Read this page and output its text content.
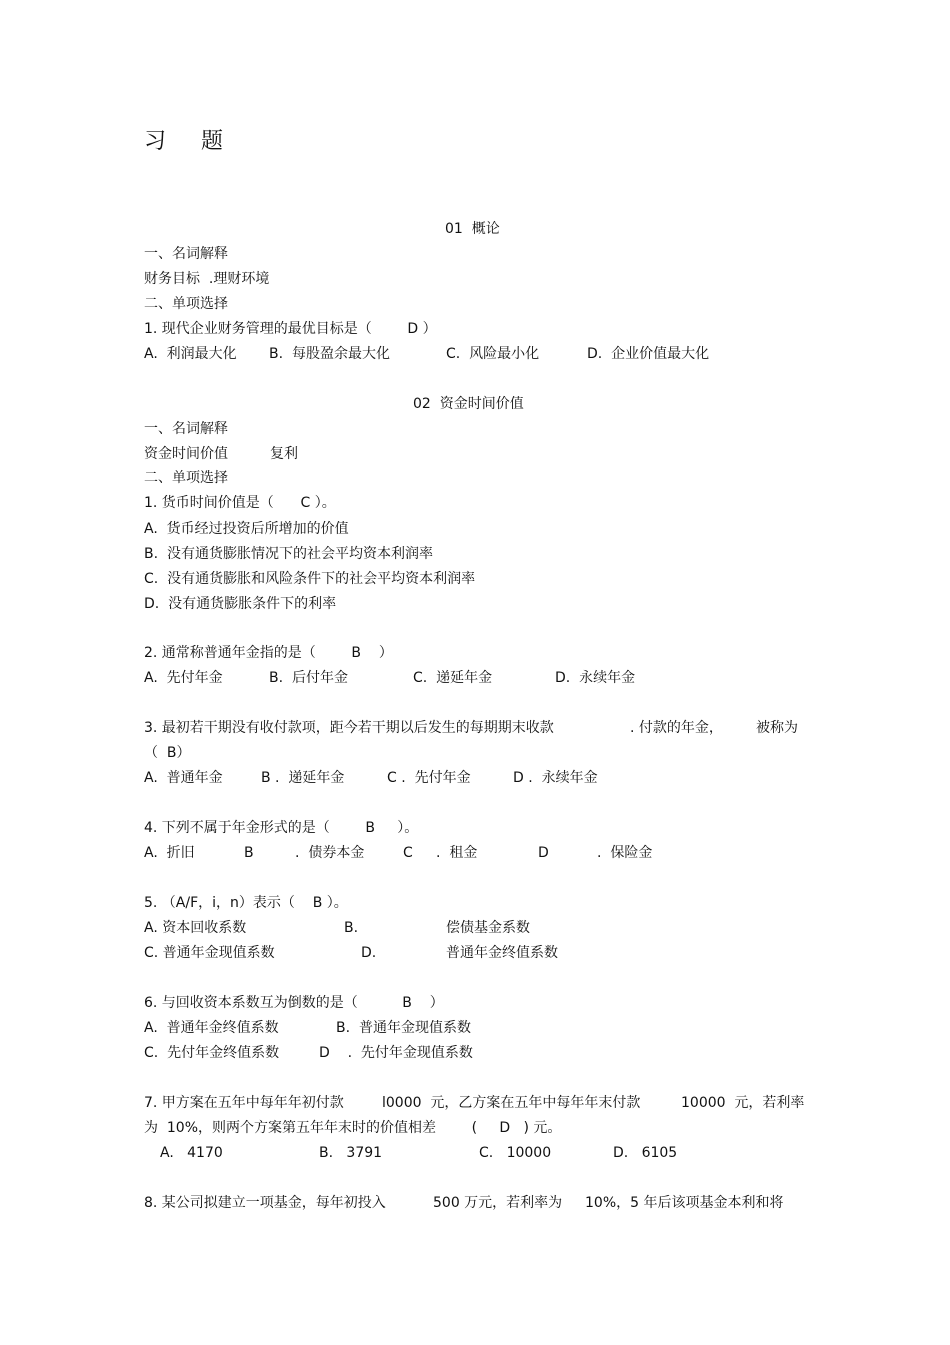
习 题
01  概论
一、名词解释
财务目标  .理财环境
二、单项选择
1. 现代企业财务管理的最优目标是（        D ）
A.  利润最大化 B.  每股盈余最大化	C.  风险最小化	D.  企业价值最大化
02  资金时间价值
一、名词解释
资金时间价值	复利
二、单项选择
1. 货币时间价值是（      C ）。
A.  货币经过投资后所增加的价值
B.  没有通货膨胀情况下的社会平均资本利润率
C.  没有通货膨胀和风险条件下的社会平均资本利润率
D.  没有通货膨胀条件下的利率
2. 通常称普通年金指的是（        B    ）
A.  先付年金	B.  后付年金	C.  递延年金	D.  永续年金
3. 最初若干期没有收付款项，距今若干期以后发生的每期期末收款	. 付款的年金， 被称为
（  B）
A.  普通年金	B .  递延年金	C .  先付年金	D .  永续年金
4. 下列不属于年金形式的是（        B     ）。
A.  折旧	B	.  债券本金	C .  租金	D	.  保险金
5. （A/F，i，n）表示（    B ）。
A. 资本回收系数	B.	偿债基金系数
C. 普通年金现值系数	D.	普通年金终值系数
6. 与回收资本系数互为倒数的是（          B    ）
A.  普通年金终值系数	B.  普通年金现值系数
C.  先付年金终值系数	D    .  先付年金现值系数
7. 甲方案在五年中每年年初付款	l0000  元，乙方案在五年中每年年末付款	10000  元，若利率
为  10%，则两个方案第五年年末时的价值相差        (     D   ) 元。
A.   4170	B.   3791	C.   10000	D.   6105
8. 某公司拟建立一项基金，每年初投入	500 万元，若利率为 10%，5 年后该项基金本利和将
